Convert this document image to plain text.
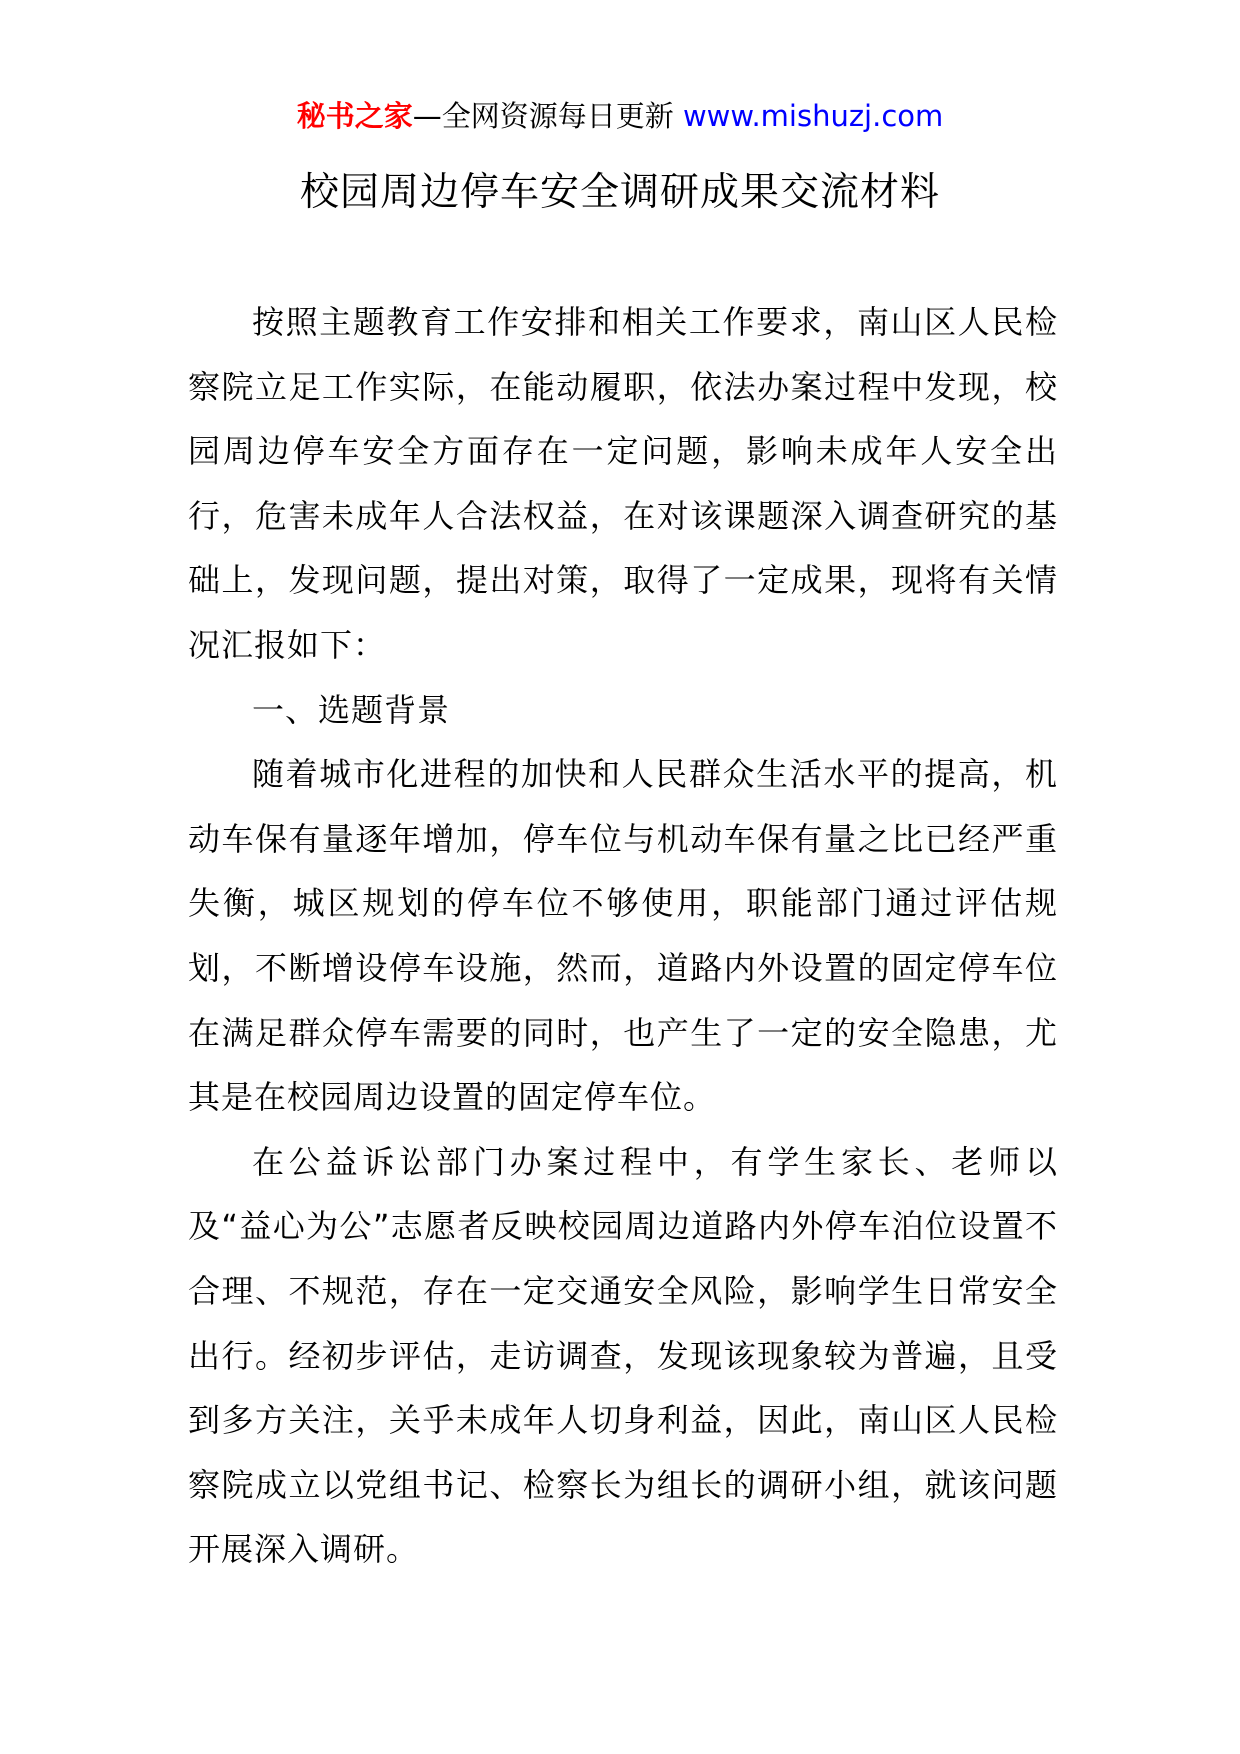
秘书之家—全网资源每日更新 www.mishuzj.com
校园周边停车安全调研成果交流材料

按照主题教育工作安排和相关工作要求，南山区人民检察院立足工作实际，在能动履职，依法办案过程中发现，校园周边停车安全方面存在一定问题，影响未成年人安全出行，危害未成年人合法权益，在对该课题深入调查研究的基础上，发现问题，提出对策，取得了一定成果，现将有关情况汇报如下：

一、选题背景

随着城市化进程的加快和人民群众生活水平的提高，机动车保有量逐年增加，停车位与机动车保有量之比已经严重失衡，城区规划的停车位不够使用，职能部门通过评估规划，不断增设停车设施，然而，道路内外设置的固定停车位在满足群众停车需要的同时，也产生了一定的安全隐患，尤其是在校园周边设置的固定停车位。

在公益诉讼部门办案过程中，有学生家长、老师以及“益心为公”志愿者反映校园周边道路内外停车泊位设置不合理、不规范，存在一定交通安全风险，影响学生日常安全出行。经初步评估，走访调查，发现该现象较为普遍，且受到多方关注，关乎未成年人切身利益，因此，南山区人民检察院成立以党组书记、检察长为组长的调研小组，就该问题开展深入调研。
